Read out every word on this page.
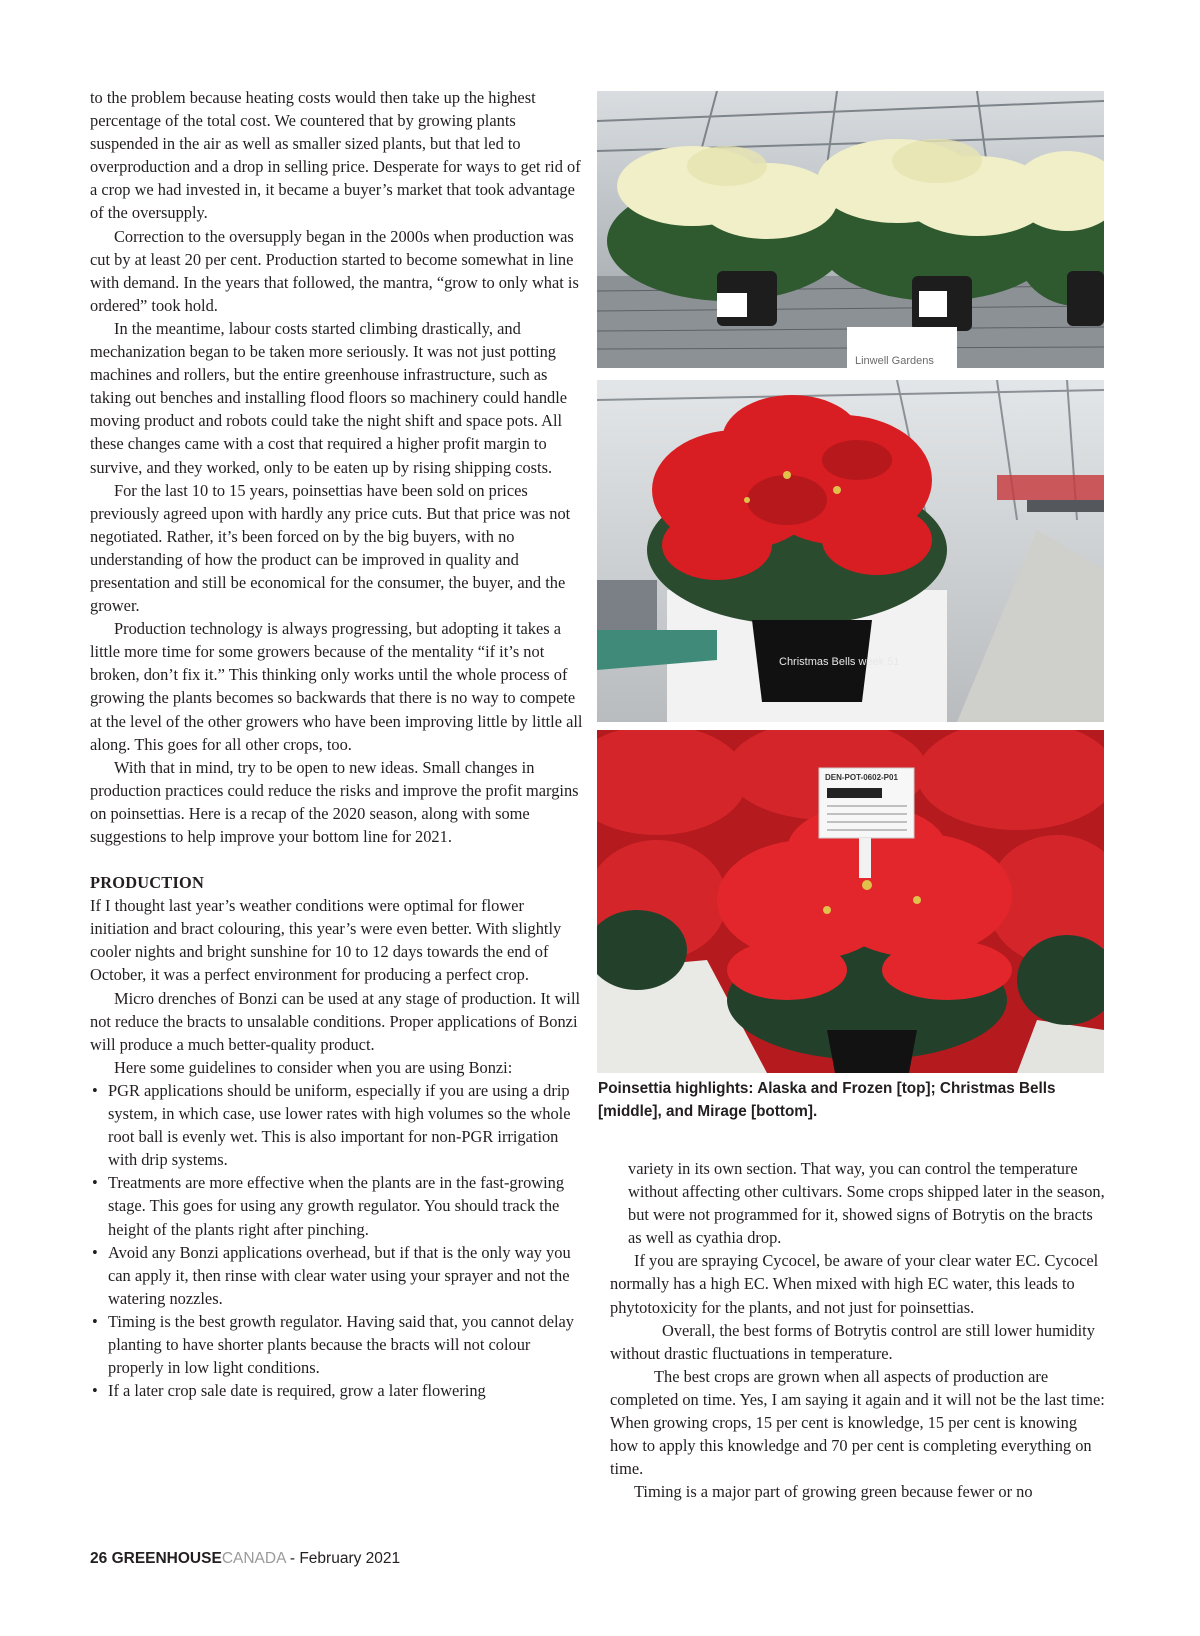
to the problem because heating costs would then take up the highest percentage of the total cost. We countered that by growing plants suspended in the air as well as smaller sized plants, but that led to overproduction and a drop in selling price. Desperate for ways to get rid of a crop we had invested in, it became a buyer’s market that took advantage of the oversupply.

Correction to the oversupply began in the 2000s when production was cut by at least 20 per cent. Production started to become somewhat in line with demand. In the years that followed, the mantra, “grow to only what is ordered” took hold.

In the meantime, labour costs started climbing drastically, and mechanization began to be taken more seriously. It was not just potting machines and rollers, but the entire greenhouse infrastructure, such as taking out benches and installing flood floors so machinery could handle moving product and robots could take the night shift and space pots. All these changes came with a cost that required a higher profit margin to survive, and they worked, only to be eaten up by rising shipping costs.

For the last 10 to 15 years, poinsettias have been sold on prices previously agreed upon with hardly any price cuts. But that price was not negotiated. Rather, it’s been forced on by the big buyers, with no understanding of how the product can be improved in quality and presentation and still be economical for the consumer, the buyer, and the grower.

Production technology is always progressing, but adopting it takes a little more time for some growers because of the mentality “if it’s not broken, don’t fix it.” This thinking only works until the whole process of growing the plants becomes so backwards that there is no way to compete at the level of the other growers who have been improving little by little all along. This goes for all other crops, too.

With that in mind, try to be open to new ideas. Small changes in production practices could reduce the risks and improve the profit margins on poinsettias. Here is a recap of the 2020 season, along with some suggestions to help improve your bottom line for 2021.

PRODUCTION

If I thought last year’s weather conditions were optimal for flower initiation and bract colouring, this year’s were even better. With slightly cooler nights and bright sunshine for 10 to 12 days towards the end of October, it was a perfect environment for producing a perfect crop.

Micro drenches of Bonzi can be used at any stage of production. It will not reduce the bracts to unsalable conditions. Proper applications of Bonzi will produce a much better-quality product.

Here some guidelines to consider when you are using Bonzi:

• PGR applications should be uniform, especially if you are using a drip system, in which case, use lower rates with high volumes so the whole root ball is evenly wet. This is also important for non-PGR irrigation with drip systems.
• Treatments are more effective when the plants are in the fast-growing stage. This goes for using any growth regulator. You should track the height of the plants right after pinching.
• Avoid any Bonzi applications overhead, but if that is the only way you can apply it, then rinse with clear water using your sprayer and not the watering nozzles.
• Timing is the best growth regulator. Having said that, you cannot delay planting to have shorter plants because the bracts will not colour properly in low light conditions.
• If a later crop sale date is required, grow a later flowering
Linwell Gardens
Christmas Bells week 51
DEN-POT-0602-P01
Poinsettia highlights: Alaska and Frozen [top]; Christmas Bells [middle], and Mirage [bottom].

variety in its own section. That way, you can control the temperature without affecting other cultivars. Some crops shipped later in the season, but were not programmed for it, showed signs of Botrytis on the bracts as well as cyathia drop.

If you are spraying Cycocel, be aware of your clear water EC. Cycocel normally has a high EC. When mixed with high EC water, this leads to phytotoxicity for the plants, and not just for poinsettias.

Overall, the best forms of Botrytis control are still lower humidity without drastic fluctuations in temperature.

The best crops are grown when all aspects of production are completed on time. Yes, I am saying it again and it will not be the last time: When growing crops, 15 per cent is knowledge, 15 per cent is knowing how to apply this knowledge and 70 per cent is completing everything on time.

Timing is a major part of growing green because fewer or no

26 GREENHOUSECANADA - February 2021
